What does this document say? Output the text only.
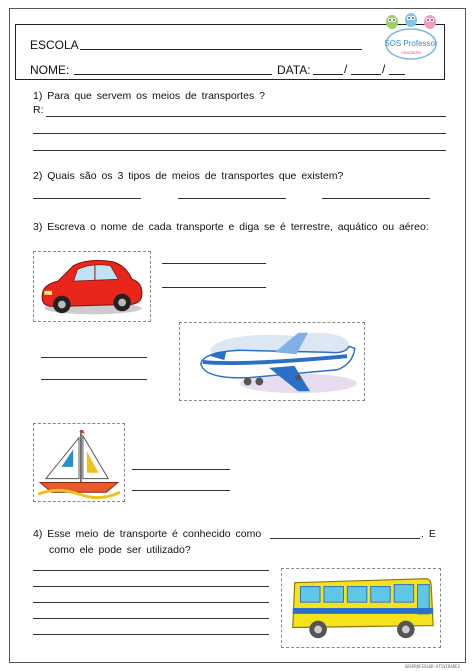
ESCOLA
NOME:	DATA:	/	/
SOS Professor
Atividades
1) Para que servem os meios de transportes ?
R:
2) Quais são os 3 tipos de meios de transportes que existem?
3) Escreva o nome de cada transporte e diga se é terrestre, aquático ou aéreo:
4) Esse meio de transporte é conhecido como	. E
como ele pode ser utilizado?
SOSPROFESSOR-ATIVIDADES
